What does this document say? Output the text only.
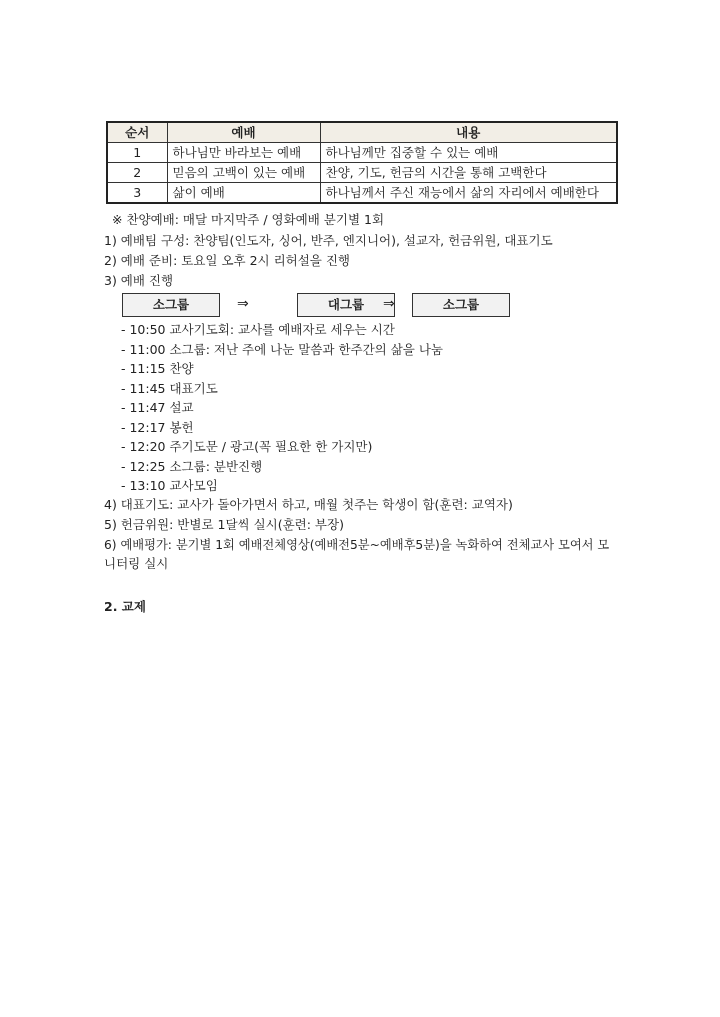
순서	예배	내용
1	하나님만 바라보는 예배	하나님께만 집중할 수 있는 예배
2	믿음의 고백이 있는 예배	찬양, 기도, 헌금의 시간을 통해 고백한다
3	삶이 예배	하나님께서 주신 재능에서 삶의 자리에서 예배한다
※ 찬양예배: 매달 마지막주 / 영화예배 분기별 1회
1) 예배팀 구성: 찬양팀(인도자, 싱어, 반주, 엔지니어), 설교자, 헌금위원, 대표기도
2) 예배 준비: 토요일 오후 2시 리허설을 진행
3) 예배 진행
소그룹	⇒	대그룹	⇒	소그룹
- 10:50 교사기도회: 교사를 예배자로 세우는 시간
- 11:00 소그룹: 저난 주에 나눈 말씀과 한주간의 삶을 나눔
- 11:15 찬양
- 11:45 대표기도
- 11:47 설교
- 12:17 봉헌
- 12:20 주기도문 / 광고(꼭 필요한 한 가지만)
- 12:25 소그룹: 분반진행
- 13:10 교사모임
4) 대표기도: 교사가 돌아가면서 하고, 매월 첫주는 학생이 함(훈련: 교역자)
5) 헌금위원: 반별로 1달씩 실시(훈련: 부장)
6) 예배평가: 분기별 1회 예배전체영상(예배전5분~예배후5분)을 녹화하여 전체교사 모여서 모
니터링 실시
2. 교제
